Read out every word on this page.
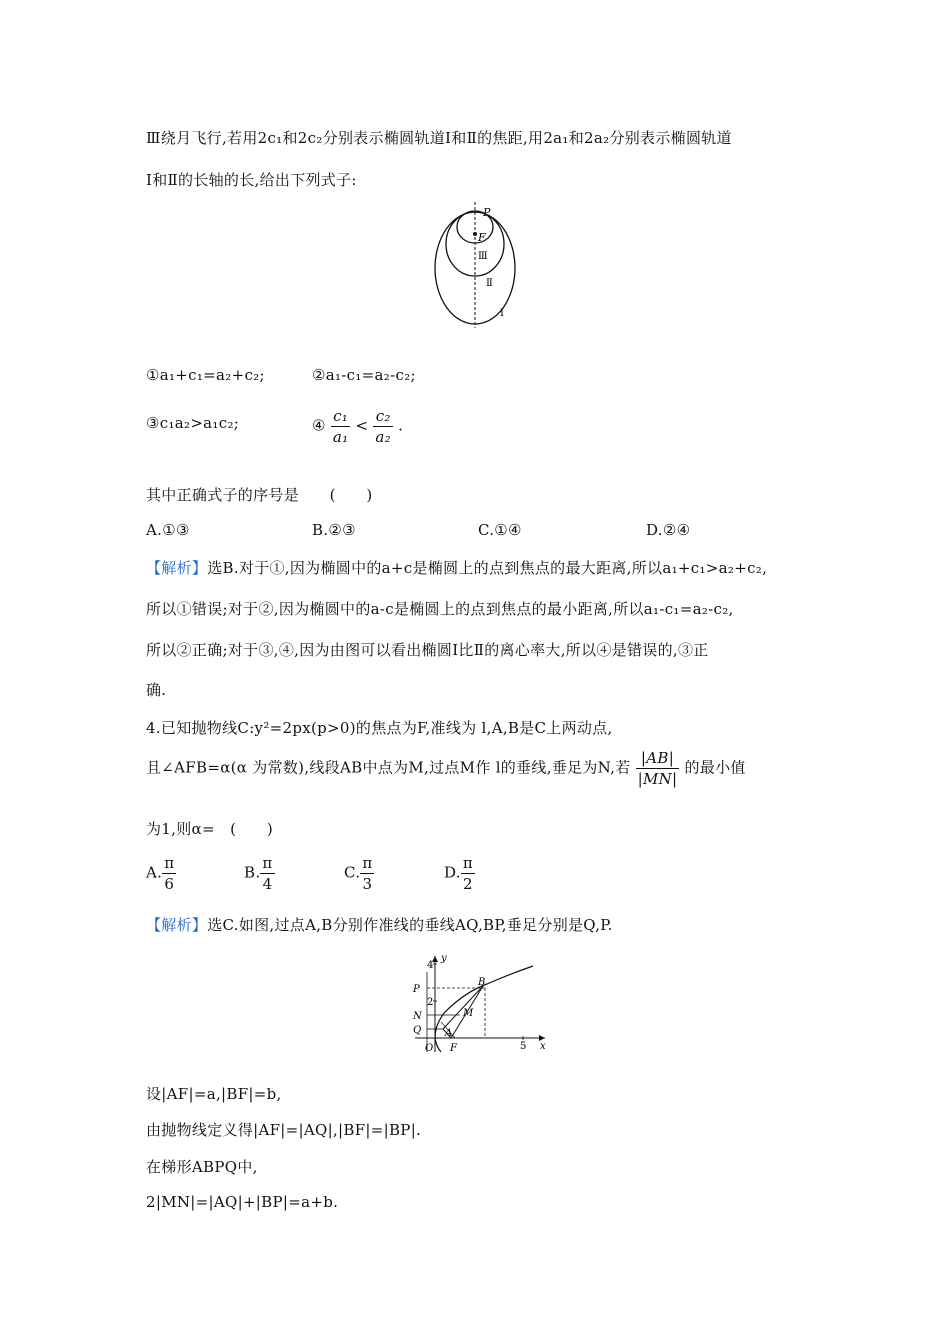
Ⅲ绕月飞行,若用2c₁和2c₂分别表示椭圆轨道Ⅰ和Ⅱ的焦距,用2a₁和2a₂分别表示椭圆轨道
Ⅰ和Ⅱ的长轴的长,给出下列式子:
P
F
Ⅲ
Ⅱ
Ⅰ
①a₁+c₁=a₂+c₂;	②a₁-c₁=a₂-c₂;
③c₁a₂>a₁c₂;	④ $\frac{\text{c₁}}{\text{a₁}} < \frac{\text{c₂}}{\text{a₂}}$ .
其中正确式子的序号是　　(　　)
A.①③	B.②③	C.①④	D.②④
【解析】选B.对于①,因为椭圆中的a+c是椭圆上的点到焦点的最大距离,所以a₁+c₁>a₂+c₂,
所以①错误;对于②,因为椭圆中的a-c是椭圆上的点到焦点的最小距离,所以a₁-c₁=a₂-c₂,
所以②正确;对于③,④,因为由图可以看出椭圆Ⅰ比Ⅱ的离心率大,所以④是错误的,③正
确.
4.已知抛物线C:y²=2px(p>0)的焦点为F,准线为 l,A,B是C上两动点,
且∠AFB=α(α 为常数),线段AB中点为M,过点M作 l的垂线,垂足为N,若 $\frac{|AB|}{|MN|}$ 的最小值
为1,则α=　(　　)
A. $\frac{\pi}{6}$	B. $\frac{\pi}{4}$	C. $\frac{\pi}{3}$	D. $\frac{\pi}{2}$
【解析】选C.如图,过点A,B分别作准线的垂线AQ,BP,垂足分别是Q,P.
y
x
4
2
5
O F
P
N
Q A
B
M
设|AF|=a,|BF|=b,
由抛物线定义得|AF|=|AQ|,|BF|=|BP|.
在梯形ABPQ中,
2|MN|=|AQ|+|BP|=a+b.
